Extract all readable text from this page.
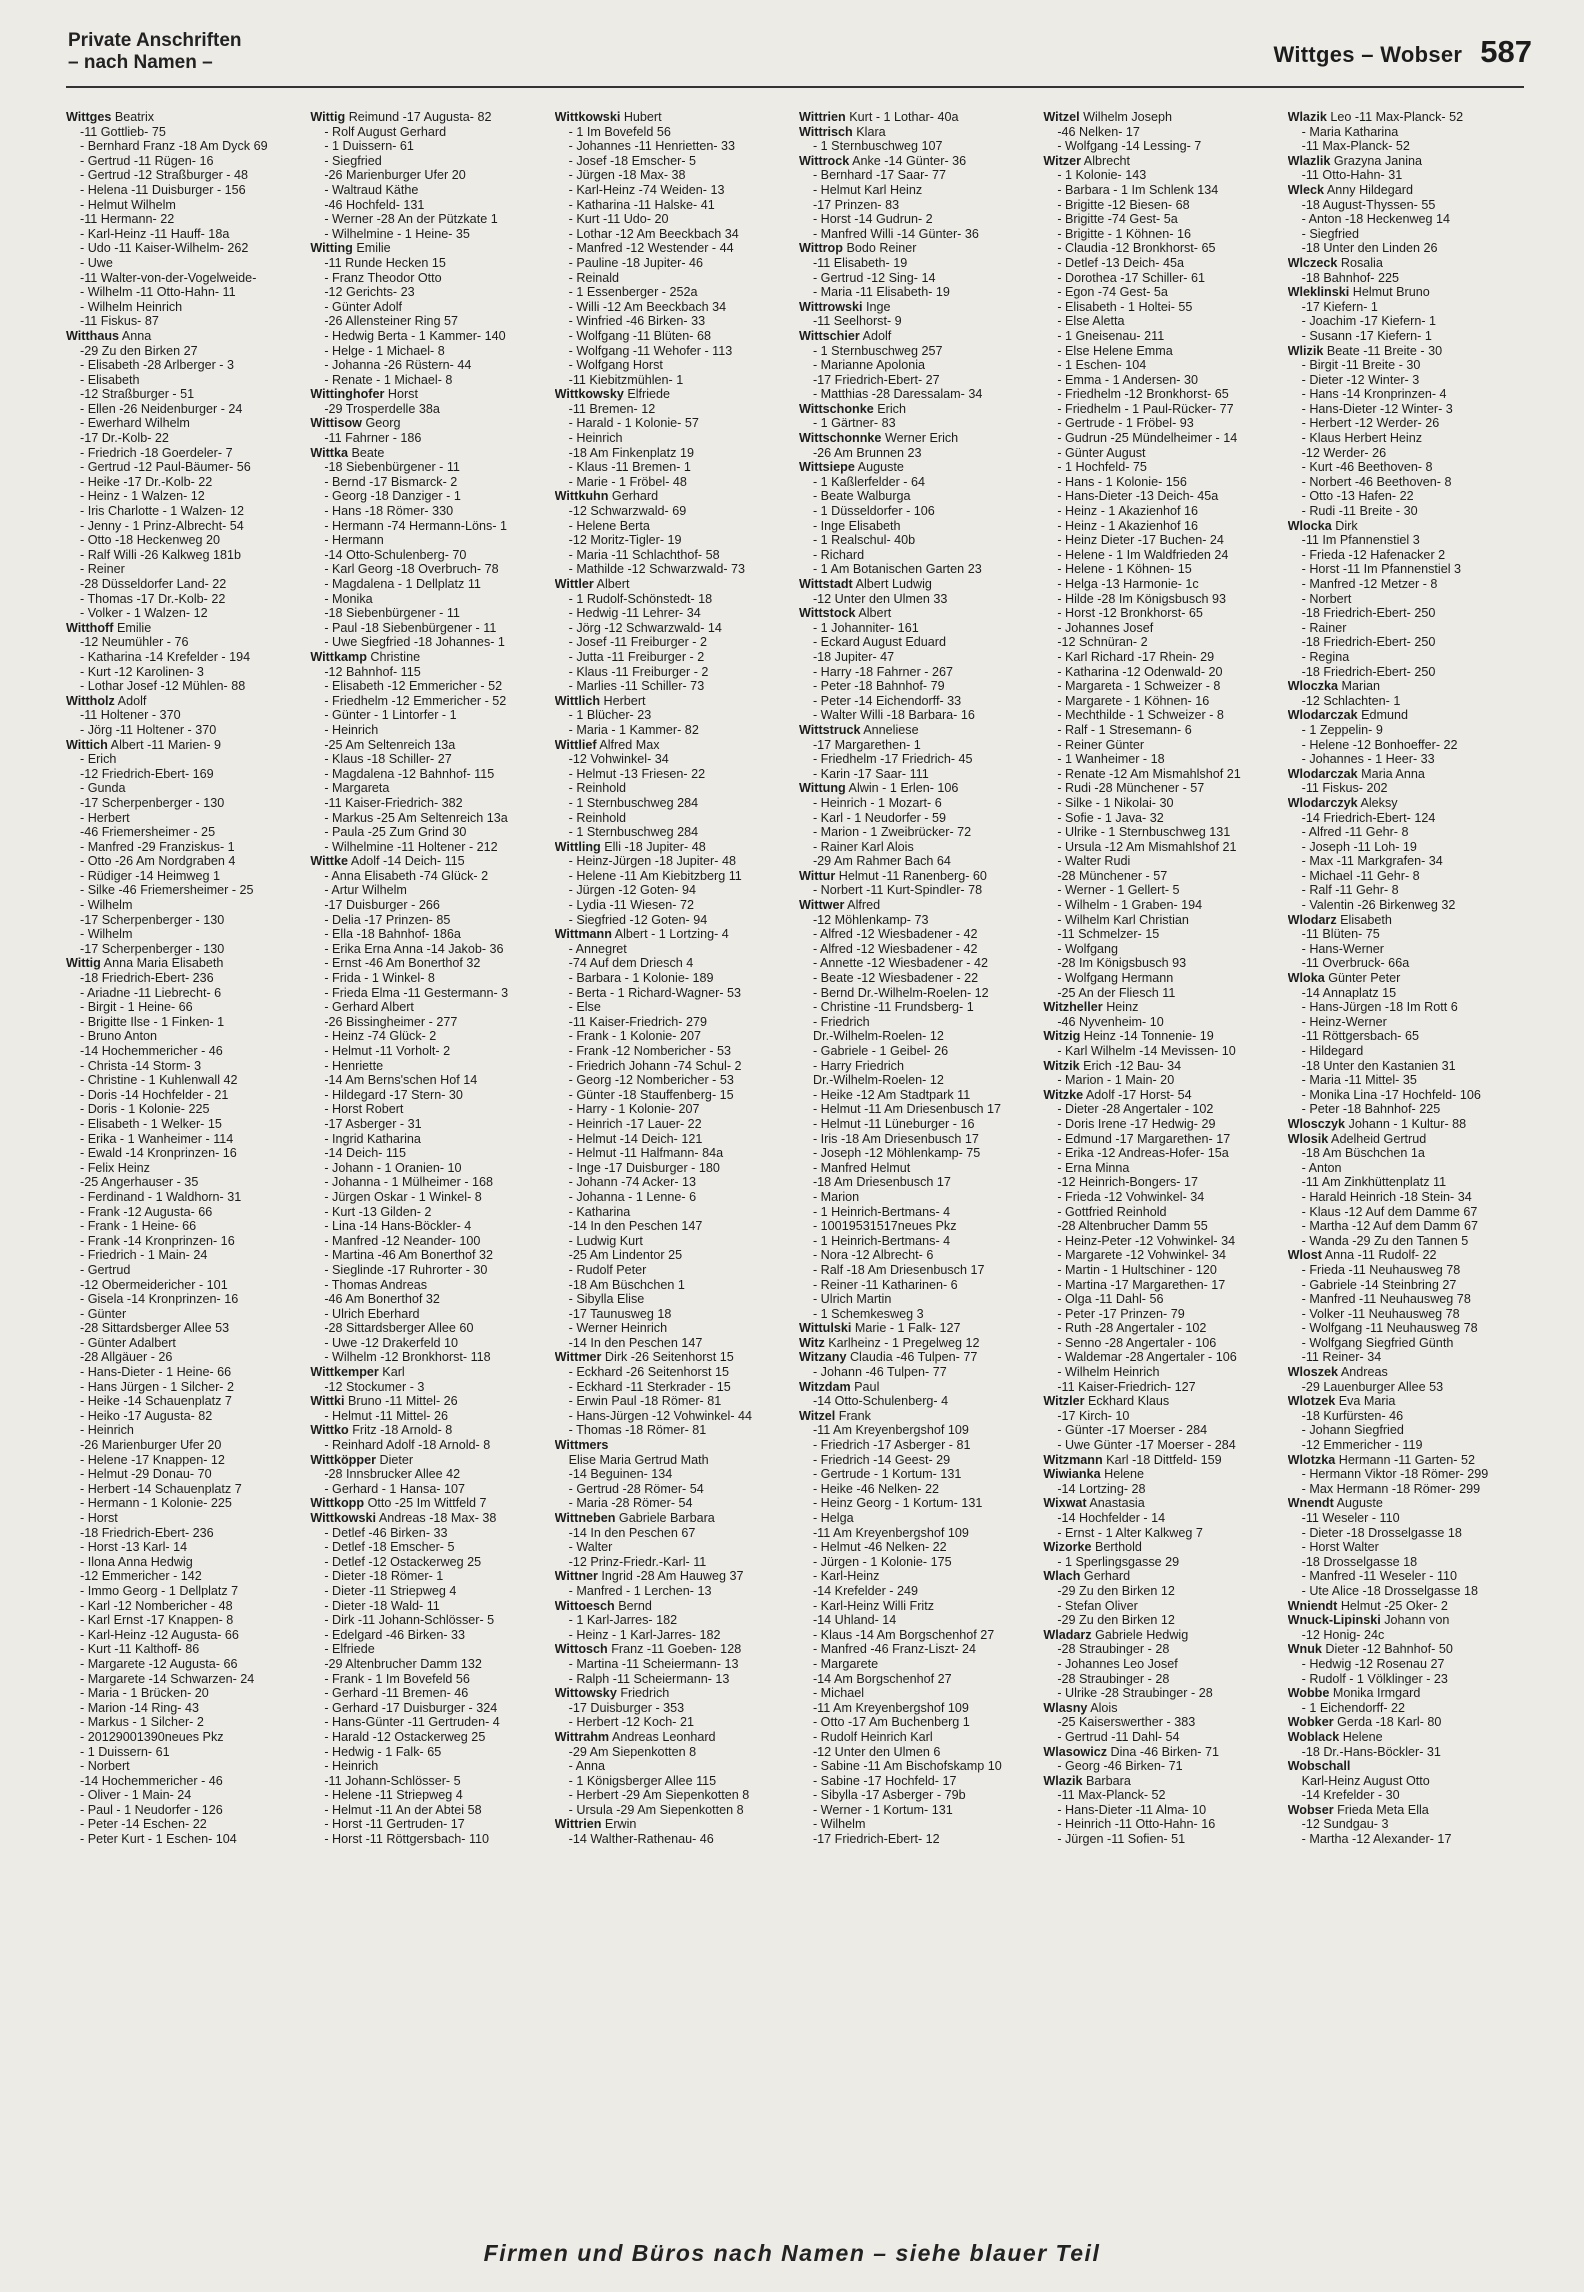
Private Anschriften
– nach Namen –	Wittges – Wobser 587
Wittges Beatrix
-11 Gottlieb- 75
- Bernhard Franz -18 Am Dyck 69
- Gertrud -11 Rügen- 16
- Gertrud -12 Straßburger - 48
- Helena -11 Duisburger - 156
- Helmut Wilhelm
-11 Hermann- 22
- Karl-Heinz -11 Hauff- 18a
- Udo -11 Kaiser-Wilhelm- 262
- Uwe
-11 Walter-von-der-Vogelweide-
- Wilhelm -11 Otto-Hahn- 11
- Wilhelm Heinrich
-11 Fiskus- 87
Witthaus Anna
-29 Zu den Birken 27
- Elisabeth -28 Arlberger - 3
- Elisabeth
-12 Straßburger - 51
- Ellen -26 Neidenburger - 24
- Ewerhard Wilhelm
-17 Dr.-Kolb- 22
- Friedrich -18 Goerdeler- 7
- Gertrud -12 Paul-Bäumer- 56
- Heike -17 Dr.-Kolb- 22
- Heinz - 1 Walzen- 12
- Iris Charlotte - 1 Walzen- 12
- Jenny - 1 Prinz-Albrecht- 54
- Otto -18 Heckenweg 20
- Ralf Willi -26 Kalkweg 181b
- Reiner
-28 Düsseldorfer Land- 22
- Thomas -17 Dr.-Kolb- 22
- Volker - 1 Walzen- 12
Witthoff Emilie
-12 Neumühler - 76
- Katharina -14 Krefelder - 194
- Kurt -12 Karolinen- 3
- Lothar Josef -12 Mühlen- 88
Wittholz Adolf
-11 Holtener - 370
- Jörg -11 Holtener - 370
Wittich Albert -11 Marien- 9
- Erich
-12 Friedrich-Ebert- 169
- Gunda
-17 Scherpenberger - 130
- Herbert
-46 Friemersheimer - 25
- Manfred -29 Franziskus- 1
- Otto -26 Am Nordgraben 4
- Rüdiger -14 Heimweg 1
- Silke -46 Friemersheimer - 25
- Wilhelm
-17 Scherpenberger - 130
- Wilhelm
-17 Scherpenberger - 130
Wittig Anna Maria Elisabeth
-18 Friedrich-Ebert- 236
- Ariadne -11 Liebrecht- 6
- Birgit - 1 Heine- 66
- Brigitte Ilse - 1 Finken- 1
- Bruno Anton
-14 Hochemmericher - 46
- Christa -14 Storm- 3
- Christine - 1 Kuhlenwall 42
- Doris -14 Hochfelder - 21
- Doris - 1 Kolonie- 225
- Elisabeth - 1 Welker- 15
- Erika - 1 Wanheimer - 114
- Ewald -14 Kronprinzen- 16
- Felix Heinz
-25 Angerhauser - 35
- Ferdinand - 1 Waldhorn- 31
- Frank -12 Augusta- 66
- Frank - 1 Heine- 66
- Frank -14 Kronprinzen- 16
- Friedrich - 1 Main- 24
- Gertrud
-12 Obermeidericher - 101
- Gisela -14 Kronprinzen- 16
- Günter
-28 Sittardsberger Allee 53
- Günter Adalbert
-28 Allgäuer - 26
- Hans-Dieter - 1 Heine- 66
- Hans Jürgen - 1 Silcher- 2
- Heike -14 Schauenplatz 7
- Heiko -17 Augusta- 82
- Heinrich
-26 Marienburger Ufer 20
- Helene -17 Knappen- 12
- Helmut -29 Donau- 70
- Herbert -14 Schauenplatz 7
- Hermann - 1 Kolonie- 225
- Horst
-18 Friedrich-Ebert- 236
- Horst -13 Karl- 14
- Ilona Anna Hedwig
-12 Emmericher - 142
- Immo Georg - 1 Dellplatz 7
- Karl -12 Nombericher - 48
- Karl Ernst -17 Knappen- 8
- Karl-Heinz -12 Augusta- 66
- Kurt -11 Kalthoff- 86
- Margarete -12 Augusta- 66
- Margarete -14 Schwarzen- 24
- Maria - 1 Brücken- 20
- Marion -14 Ring- 43
- Markus - 1 Silcher- 2
- 20129001390neues Pkz
- 1 Duissern- 61
- Norbert
-14 Hochemmericher - 46
- Oliver - 1 Main- 24
- Paul - 1 Neudorfer - 126
- Peter -14 Eschen- 22
- Peter Kurt - 1 Eschen- 104
Wittig Reimund -17 Augusta- 82
- Rolf August Gerhard
- 1 Duissern- 61
- Siegfried
-26 Marienburger Ufer 20
- Waltraud Käthe
-46 Hochfeld- 131
- Werner -28 An der Pützkate 1
- Wilhelmine - 1 Heine- 35
Witting Emilie
-11 Runde Hecken 15
- Franz Theodor Otto
-12 Gerichts- 23
- Günter Adolf
-26 Allensteiner Ring 57
- Hedwig Berta - 1 Kammer- 140
- Helge - 1 Michael- 8
- Johanna -26 Rüstern- 44
- Renate - 1 Michael- 8
Wittinghofer Horst
-29 Trosperdelle 38a
Wittisow Georg
-11 Fahrner - 186
Wittka Beate
-18 Siebenbürgener - 11
- Bernd -17 Bismarck- 2
- Georg -18 Danziger - 1
- Hans -18 Römer- 330
- Hermann -74 Hermann-Löns- 1
- Hermann
-14 Otto-Schulenberg- 70
- Karl Georg -18 Overbruch- 78
- Magdalena - 1 Dellplatz 11
- Monika
-18 Siebenbürgener - 11
- Paul -18 Siebenbürgener - 11
- Uwe Siegfried -18 Johannes- 1
Wittkamp Christine
-12 Bahnhof- 115
- Elisabeth -12 Emmericher - 52
- Friedhelm -12 Emmericher - 52
- Günter - 1 Lintorfer - 1
- Heinrich
-25 Am Seltenreich 13a
- Klaus -18 Schiller- 27
- Magdalena -12 Bahnhof- 115
- Margareta
-11 Kaiser-Friedrich- 382
- Markus -25 Am Seltenreich 13a
- Paula -25 Zum Grind 30
- Wilhelmine -11 Holtener - 212
Wittke Adolf -14 Deich- 115
- Anna Elisabeth -74 Glück- 2
- Artur Wilhelm
-17 Duisburger - 266
- Delia -17 Prinzen- 85
- Ella -18 Bahnhof- 186a
- Erika Erna Anna -14 Jakob- 36
- Ernst -46 Am Bonerthof 32
- Frida - 1 Winkel- 8
- Frieda Elma -11 Gestermann- 3
- Gerhard Albert
-26 Bissingheimer - 277
- Heinz -74 Glück- 2
- Helmut -11 Vorholt- 2
- Henriette
-14 Am Berns'schen Hof 14
- Hildegard -17 Stern- 30
- Horst Robert
-17 Asberger - 31
- Ingrid Katharina
-14 Deich- 115
- Johann - 1 Oranien- 10
- Johanna - 1 Mülheimer - 168
- Jürgen Oskar - 1 Winkel- 8
- Kurt -13 Gilden- 2
- Lina -14 Hans-Böckler- 4
- Manfred -12 Neander- 100
- Martina -46 Am Bonerthof 32
- Sieglinde -17 Ruhrorter - 30
- Thomas Andreas
-46 Am Bonerthof 32
- Ulrich Eberhard
-28 Sittardsberger Allee 60
- Uwe -12 Drakerfeld 10
- Wilhelm -12 Bronkhorst- 118
Wittkemper Karl
-12 Stockumer - 3
Wittki Bruno -11 Mittel- 26
- Helmut -11 Mittel- 26
Wittko Fritz -18 Arnold- 8
- Reinhard Adolf -18 Arnold- 8
Wittköpper Dieter
-28 Innsbrucker Allee 42
- Gerhard - 1 Hansa- 107
Wittkopp Otto -25 Im Wittfeld 7
Wittkowski Andreas -18 Max- 38
- Detlef -46 Birken- 33
- Detlef -18 Emscher- 5
- Detlef -12 Ostackerweg 25
- Dieter -18 Römer- 1
- Dieter -11 Striepweg 4
- Dieter -18 Wald- 11
- Dirk -11 Johann-Schlösser- 5
- Edelgard -46 Birken- 33
- Elfriede
-29 Altenbrucher Damm 132
- Frank - 1 Im Bovefeld 56
- Gerhard -11 Bremen- 46
- Gerhard -17 Duisburger - 324
- Hans-Günter -11 Gertruden- 4
- Harald -12 Ostackerweg 25
- Hedwig - 1 Falk- 65
- Heinrich
-11 Johann-Schlösser- 5
- Helene -11 Striepweg 4
- Helmut -11 An der Abtei 58
- Horst -11 Gertruden- 17
- Horst -11 Röttgersbach- 110
Wittkowski Hubert
- 1 Im Bovefeld 56
- Johannes -11 Henrietten- 33
- Josef -18 Emscher- 5
- Jürgen -18 Max- 38
- Karl-Heinz -74 Weiden- 13
- Katharina -11 Halske- 41
- Kurt -11 Udo- 20
- Lothar -12 Am Beeckbach 34
- Manfred -12 Westender - 44
- Pauline -18 Jupiter- 46
- Reinald
- 1 Essenberger - 252a
- Willi -12 Am Beeckbach 34
- Winfried -46 Birken- 33
- Wolfgang -11 Blüten- 68
- Wolfgang -11 Wehofer - 113
- Wolfgang Horst
-11 Kiebitzmühlen- 1
Wittkowsky Elfriede
-11 Bremen- 12
- Harald - 1 Kolonie- 57
- Heinrich
-18 Am Finkenplatz 19
- Klaus -11 Bremen- 1
- Marie - 1 Fröbel- 48
Wittkuhn Gerhard
-12 Schwarzwald- 69
- Helene Berta
-12 Moritz-Tigler- 19
- Maria -11 Schlachthof- 58
- Mathilde -12 Schwarzwald- 73
Wittler Albert
- 1 Rudolf-Schönstedt- 18
- Hedwig -11 Lehrer- 34
- Jörg -12 Schwarzwald- 14
- Josef -11 Freiburger - 2
- Jutta -11 Freiburger - 2
- Klaus -11 Freiburger - 2
- Marlies -11 Schiller- 73
Wittlich Herbert
- 1 Blücher- 23
- Maria - 1 Kammer- 82
Wittlief Alfred Max
-12 Vohwinkel- 34
- Helmut -13 Friesen- 22
- Reinhold
- 1 Sternbuschweg 284
- Reinhold
- 1 Sternbuschweg 284
Wittling Elli -18 Jupiter- 48
- Heinz-Jürgen -18 Jupiter- 48
- Helene -11 Am Kiebitzberg 11
- Jürgen -12 Goten- 94
- Lydia -11 Wiesen- 72
- Siegfried -12 Goten- 94
Wittmann Albert - 1 Lortzing- 4
- Annegret
-74 Auf dem Driesch 4
- Barbara - 1 Kolonie- 189
- Berta - 1 Richard-Wagner- 53
- Else
-11 Kaiser-Friedrich- 279
- Frank - 1 Kolonie- 207
- Frank -12 Nombericher - 53
- Friedrich Johann -74 Schul- 2
- Georg -12 Nombericher - 53
- Günter -18 Stauffenberg- 15
- Harry - 1 Kolonie- 207
- Heinrich -17 Lauer- 22
- Helmut -14 Deich- 121
- Helmut -11 Halfmann- 84a
- Inge -17 Duisburger - 180
- Johann -74 Acker- 13
- Johanna - 1 Lenne- 6
- Katharina
-14 In den Peschen 147
- Ludwig Kurt
-25 Am Lindentor 25
- Rudolf Peter
-18 Am Büschchen 1
- Sibylla Elise
-17 Taunusweg 18
- Werner Heinrich
-14 In den Peschen 147
Wittmer Dirk -26 Seitenhorst 15
- Eckhard -26 Seitenhorst 15
- Eckhard -11 Sterkrader - 15
- Erwin Paul -18 Römer- 81
- Hans-Jürgen -12 Vohwinkel- 44
- Thomas -18 Römer- 81
Wittmers
Elise Maria Gertrud Math
-14 Beguinen- 134
- Gertrud -28 Römer- 54
- Maria -28 Römer- 54
Wittneben Gabriele Barbara
-14 In den Peschen 67
- Walter
-12 Prinz-Friedr.-Karl- 11
Wittner Ingrid -28 Am Hauweg 37
- Manfred - 1 Lerchen- 13
Wittoesch Bernd
- 1 Karl-Jarres- 182
- Heinz - 1 Karl-Jarres- 182
Wittosch Franz -11 Goeben- 128
- Martina -11 Scheiermann- 13
- Ralph -11 Scheiermann- 13
Wittowsky Friedrich
-17 Duisburger - 353
- Herbert -12 Koch- 21
Wittrahm Andreas Leonhard
-29 Am Siepenkotten 8
- Anna
- 1 Königsberger Allee 115
- Herbert -29 Am Siepenkotten 8
- Ursula -29 Am Siepenkotten 8
Wittrien Erwin
-14 Walther-Rathenau- 46
Wittrien Kurt - 1 Lothar- 40a
Wittrisch Klara
- 1 Sternbuschweg 107
Wittrock Anke -14 Günter- 36
- Bernhard -17 Saar- 77
- Helmut Karl Heinz
-17 Prinzen- 83
- Horst -14 Gudrun- 2
- Manfred Willi -14 Günter- 36
Wittrop Bodo Reiner
-11 Elisabeth- 19
- Gertrud -12 Sing- 14
- Maria -11 Elisabeth- 19
Wittrowski Inge
-11 Seelhorst- 9
Wittschier Adolf
- 1 Sternbuschweg 257
- Marianne Apolonia
-17 Friedrich-Ebert- 27
- Matthias -28 Daressalam- 34
Wittschonke Erich
- 1 Gärtner- 83
Wittschonnke Werner Erich
-26 Am Brunnen 23
Wittsiepe Auguste
- 1 Kaßlerfelder - 64
- Beate Walburga
- 1 Düsseldorfer - 106
- Inge Elisabeth
- 1 Realschul- 40b
- Richard
- 1 Am Botanischen Garten 23
Wittstadt Albert Ludwig
-12 Unter den Ulmen 33
Wittstock Albert
- 1 Johanniter- 161
- Eckard August Eduard
-18 Jupiter- 47
- Harry -18 Fahrner - 267
- Peter -18 Bahnhof- 79
- Peter -14 Eichendorff- 33
- Walter Willi -18 Barbara- 16
Wittstruck Anneliese
-17 Margarethen- 1
- Friedhelm -17 Friedrich- 45
- Karin -17 Saar- 111
Wittung Alwin - 1 Erlen- 106
- Heinrich - 1 Mozart- 6
- Karl - 1 Neudorfer - 59
- Marion - 1 Zweibrücker- 72
- Rainer Karl Alois
-29 Am Rahmer Bach 64
Wittur Helmut -11 Ranenberg- 60
- Norbert -11 Kurt-Spindler- 78
Wittwer Alfred
-12 Möhlenkamp- 73
- Alfred -12 Wiesbadener - 42
- Alfred -12 Wiesbadener - 42
- Annette -12 Wiesbadener - 42
- Beate -12 Wiesbadener - 22
- Bernd Dr.-Wilhelm-Roelen- 12
- Christine -11 Frundsberg- 1
- Friedrich
Dr.-Wilhelm-Roelen- 12
- Gabriele - 1 Geibel- 26
- Harry Friedrich
Dr.-Wilhelm-Roelen- 12
- Heike -12 Am Stadtpark 11
- Helmut -11 Am Driesenbusch 17
- Helmut -11 Lüneburger - 16
- Iris -18 Am Driesenbusch 17
- Joseph -12 Möhlenkamp- 75
- Manfred Helmut
-18 Am Driesenbusch 17
- Marion
- 1 Heinrich-Bertmans- 4
- 10019531517neues Pkz
- 1 Heinrich-Bertmans- 4
- Nora -12 Albrecht- 6
- Ralf -18 Am Driesenbusch 17
- Reiner -11 Katharinen- 6
- Ulrich Martin
- 1 Schemkesweg 3
Wittulski Marie - 1 Falk- 127
Witz Karlheinz - 1 Pregelweg 12
Witzany Claudia -46 Tulpen- 77
- Johann -46 Tulpen- 77
Witzdam Paul
-14 Otto-Schulenberg- 4
Witzel Frank
-11 Am Kreyenbergshof 109
- Friedrich -17 Asberger - 81
- Friedrich -14 Geest- 29
- Gertrude - 1 Kortum- 131
- Heike -46 Nelken- 22
- Heinz Georg - 1 Kortum- 131
- Helga
-11 Am Kreyenbergshof 109
- Helmut -46 Nelken- 22
- Jürgen - 1 Kolonie- 175
- Karl-Heinz
-14 Krefelder - 249
- Karl-Heinz Willi Fritz
-14 Uhland- 14
- Klaus -14 Am Borgschenhof 27
- Manfred -46 Franz-Liszt- 24
- Margarete
-14 Am Borgschenhof 27
- Michael
-11 Am Kreyenbergshof 109
- Otto -17 Am Buchenberg 1
- Rudolf Heinrich Karl
-12 Unter den Ulmen 6
- Sabine -11 Am Bischofskamp 10
- Sabine -17 Hochfeld- 17
- Sibylla -17 Asberger - 79b
- Werner - 1 Kortum- 131
- Wilhelm
-17 Friedrich-Ebert- 12
Witzel Wilhelm Joseph
-46 Nelken- 17
- Wolfgang -14 Lessing- 7
Witzer Albrecht
- 1 Kolonie- 143
- Barbara - 1 Im Schlenk 134
- Brigitte -12 Biesen- 68
- Brigitte -74 Gest- 5a
- Brigitte - 1 Köhnen- 16
- Claudia -12 Bronkhorst- 65
- Detlef -13 Deich- 45a
- Dorothea -17 Schiller- 61
- Egon -74 Gest- 5a
- Elisabeth - 1 Holtei- 55
- Else Aletta
- 1 Gneisenau- 211
- Else Helene Emma
- 1 Eschen- 104
- Emma - 1 Andersen- 30
- Friedhelm -12 Bronkhorst- 65
- Friedhelm - 1 Paul-Rücker- 77
- Gertrude - 1 Fröbel- 93
- Gudrun -25 Mündelheimer - 14
- Günter August
- 1 Hochfeld- 75
- Hans - 1 Kolonie- 156
- Hans-Dieter -13 Deich- 45a
- Heinz - 1 Akazienhof 16
- Heinz - 1 Akazienhof 16
- Heinz Dieter -17 Buchen- 24
- Helene - 1 Im Waldfrieden 24
- Helene - 1 Köhnen- 15
- Helga -13 Harmonie- 1c
- Hilde -28 Im Königsbusch 93
- Horst -12 Bronkhorst- 65
- Johannes Josef
-12 Schnüran- 2
- Karl Richard -17 Rhein- 29
- Katharina -12 Odenwald- 20
- Margareta - 1 Schweizer - 8
- Margarete - 1 Köhnen- 16
- Mechthilde - 1 Schweizer - 8
- Ralf - 1 Stresemann- 6
- Reiner Günter
- 1 Wanheimer - 18
- Renate -12 Am Mismahlshof 21
- Rudi -28 Münchener - 57
- Silke - 1 Nikolai- 30
- Sofie - 1 Java- 32
- Ulrike - 1 Sternbuschweg 131
- Ursula -12 Am Mismahlshof 21
- Walter Rudi
-28 Münchener - 57
- Werner - 1 Gellert- 5
- Wilhelm - 1 Graben- 194
- Wilhelm Karl Christian
-11 Schmelzer- 15
- Wolfgang
-28 Im Königsbusch 93
- Wolfgang Hermann
-25 An der Fliesch 11
Witzheller Heinz
-46 Nyvenheim- 10
Witzig Heinz -14 Tonnenie- 19
- Karl Wilhelm -14 Mevissen- 10
Witzik Erich -12 Bau- 34
- Marion - 1 Main- 20
Witzke Adolf -17 Horst- 54
- Dieter -28 Angertaler - 102
- Doris Irene -17 Hedwig- 29
- Edmund -17 Margarethen- 17
- Erika -12 Andreas-Hofer- 15a
- Erna Minna
-12 Heinrich-Bongers- 17
- Frieda -12 Vohwinkel- 34
- Gottfried Reinhold
-28 Altenbrucher Damm 55
- Heinz-Peter -12 Vohwinkel- 34
- Margarete -12 Vohwinkel- 34
- Martin - 1 Hultschiner - 120
- Martina -17 Margarethen- 17
- Olga -11 Dahl- 56
- Peter -17 Prinzen- 79
- Ruth -28 Angertaler - 102
- Senno -28 Angertaler - 106
- Waldemar -28 Angertaler - 106
- Wilhelm Heinrich
-11 Kaiser-Friedrich- 127
Witzler Eckhard Klaus
-17 Kirch- 10
- Günter -17 Moerser - 284
- Uwe Günter -17 Moerser - 284
Witzmann Karl -18 Dittfeld- 159
Wiwianka Helene
-14 Lortzing- 28
Wixwat Anastasia
-14 Hochfelder - 14
- Ernst - 1 Alter Kalkweg 7
Wizorke Berthold
- 1 Sperlingsgasse 29
Wlach Gerhard
-29 Zu den Birken 12
- Stefan Oliver
-29 Zu den Birken 12
Wladarz Gabriele Hedwig
-28 Straubinger - 28
- Johannes Leo Josef
-28 Straubinger - 28
- Ulrike -28 Straubinger - 28
Wlasny Alois
-25 Kaiserswerther - 383
- Gertrud -11 Dahl- 54
Wlasowicz Dina -46 Birken- 71
- Georg -46 Birken- 71
Wlazik Barbara
-11 Max-Planck- 52
- Hans-Dieter -11 Alma- 10
- Heinrich -11 Otto-Hahn- 16
- Jürgen -11 Sofien- 51
Wlazik Leo -11 Max-Planck- 52
- Maria Katharina
-11 Max-Planck- 52
Wlazlik Grazyna Janina
-11 Otto-Hahn- 31
Wleck Anny Hildegard
-18 August-Thyssen- 55
- Anton -18 Heckenweg 14
- Siegfried
-18 Unter den Linden 26
Wlczeck Rosalia
-18 Bahnhof- 225
Wleklinski Helmut Bruno
-17 Kiefern- 1
- Joachim -17 Kiefern- 1
- Susann -17 Kiefern- 1
Wlizik Beate -11 Breite - 30
- Birgit -11 Breite - 30
- Dieter -12 Winter- 3
- Hans -14 Kronprinzen- 4
- Hans-Dieter -12 Winter- 3
- Herbert -12 Werder- 26
- Klaus Herbert Heinz
-12 Werder- 26
- Kurt -46 Beethoven- 8
- Norbert -46 Beethoven- 8
- Otto -13 Hafen- 22
- Rudi -11 Breite - 30
Wlocka Dirk
-11 Im Pfannenstiel 3
- Frieda -12 Hafenacker 2
- Horst -11 Im Pfannenstiel 3
- Manfred -12 Metzer - 8
- Norbert
-18 Friedrich-Ebert- 250
- Rainer
-18 Friedrich-Ebert- 250
- Regina
-18 Friedrich-Ebert- 250
Wloczka Marian
-12 Schlachten- 1
Wlodarczak Edmund
- 1 Zeppelin- 9
- Helene -12 Bonhoeffer- 22
- Johannes - 1 Heer- 33
Wlodarczak Maria Anna
-11 Fiskus- 202
Wlodarczyk Aleksy
-14 Friedrich-Ebert- 124
- Alfred -11 Gehr- 8
- Joseph -11 Loh- 19
- Max -11 Markgrafen- 34
- Michael -11 Gehr- 8
- Ralf -11 Gehr- 8
- Valentin -26 Birkenweg 32
Wlodarz Elisabeth
-11 Blüten- 75
- Hans-Werner
-11 Overbruck- 66a
Wloka Günter Peter
-14 Annaplatz 15
- Hans-Jürgen -18 Im Rott 6
- Heinz-Werner
-11 Röttgersbach- 65
- Hildegard
-18 Unter den Kastanien 31
- Maria -11 Mittel- 35
- Monika Lina -17 Hochfeld- 106
- Peter -18 Bahnhof- 225
Wlosczyk Johann - 1 Kultur- 88
Wlosik Adelheid Gertrud
-18 Am Büschchen 1a
- Anton
-11 Am Zinkhüttenplatz 11
- Harald Heinrich -18 Stein- 34
- Klaus -12 Auf dem Damme 67
- Martha -12 Auf dem Damm 67
- Wanda -29 Zu den Tannen 5
Wlost Anna -11 Rudolf- 22
- Frieda -11 Neuhausweg 78
- Gabriele -14 Steinbring 27
- Manfred -11 Neuhausweg 78
- Volker -11 Neuhausweg 78
- Wolfgang -11 Neuhausweg 78
- Wolfgang Siegfried Günth
-11 Reiner- 34
Wloszek Andreas
-29 Lauenburger Allee 53
Wlotzek Eva Maria
-18 Kurfürsten- 46
- Johann Siegfried
-12 Emmericher - 119
Wlotzka Hermann -11 Garten- 52
- Hermann Viktor -18 Römer- 299
- Max Hermann -18 Römer- 299
Wnendt Auguste
-11 Weseler - 110
- Dieter -18 Drosselgasse 18
- Horst Walter
-18 Drosselgasse 18
- Manfred -11 Weseler - 110
- Ute Alice -18 Drosselgasse 18
Wniendt Helmut -25 Oker- 2
Wnuck-Lipinski Johann von
-12 Honig- 24c
Wnuk Dieter -12 Bahnhof- 50
- Hedwig -12 Rosenau 27
- Rudolf - 1 Völklinger - 23
Wobbe Monika Irmgard
- 1 Eichendorff- 22
Wobker Gerda -18 Karl- 80
Woblack Helene
-18 Dr.-Hans-Böckler- 31
Wobschall
Karl-Heinz August Otto
-14 Krefelder - 30
Wobser Frieda Meta Ella
-12 Sundgau- 3
- Martha -12 Alexander- 17
Firmen und Büros nach Namen – siehe blauer Teil
